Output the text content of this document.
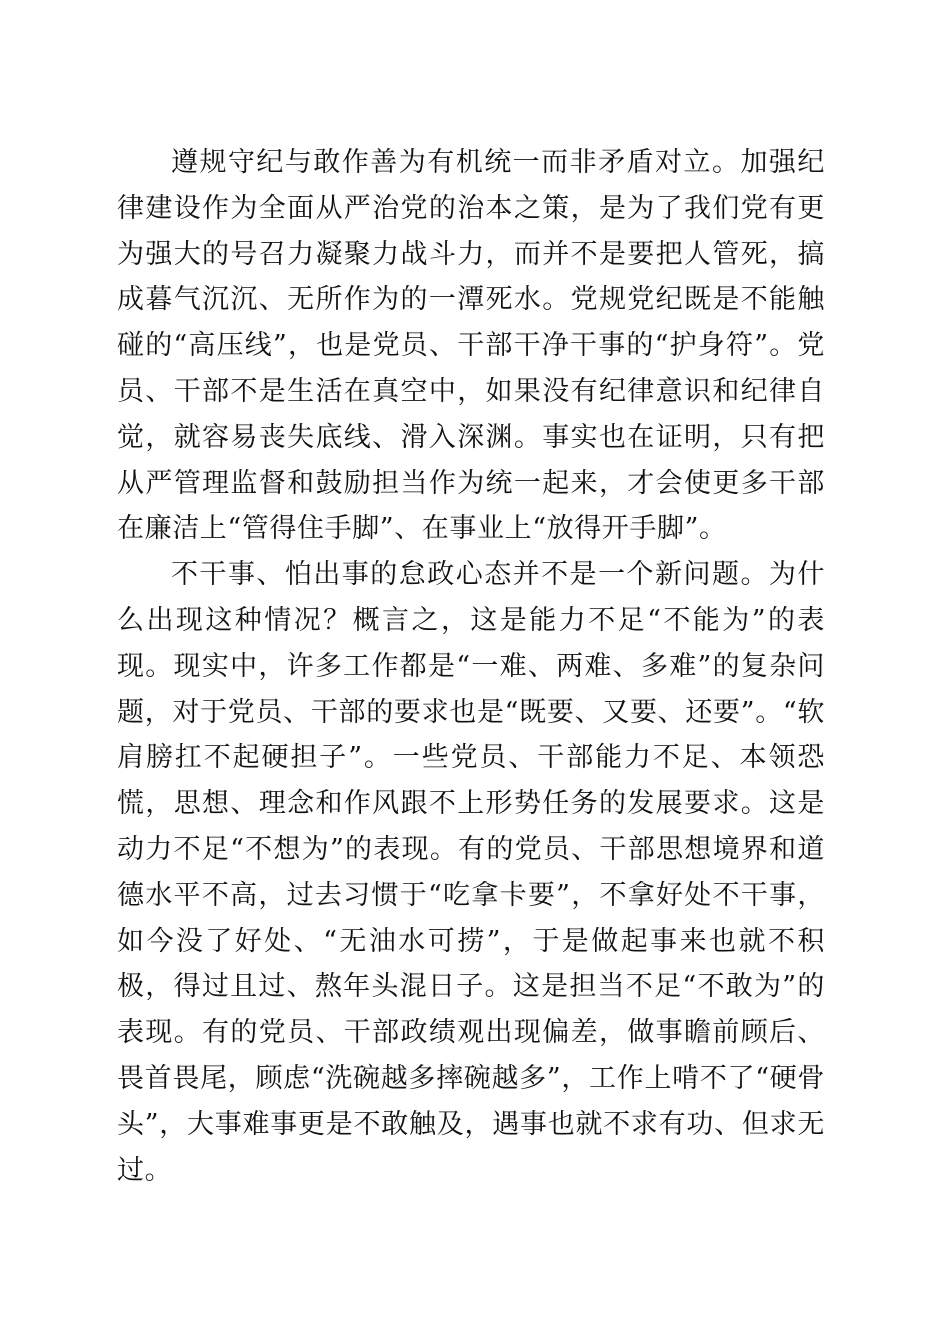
遵规守纪与敢作善为有机统一而非矛盾对立。加强纪律建设作为全面从严治党的治本之策，是为了我们党有更为强大的号召力凝聚力战斗力，而并不是要把人管死，搞成暮气沉沉、无所作为的一潭死水。党规党纪既是不能触碰的“高压线”，也是党员、干部干净干事的“护身符”。党员、干部不是生活在真空中，如果没有纪律意识和纪律自觉，就容易丧失底线、滑入深渊。事实也在证明，只有把从严管理监督和鼓励担当作为统一起来，才会使更多干部在廉洁上“管得住手脚”、在事业上“放得开手脚”。

不干事、怕出事的怠政心态并不是一个新问题。为什么出现这种情况？概言之，这是能力不足“不能为”的表现。现实中，许多工作都是“一难、两难、多难”的复杂问题，对于党员、干部的要求也是“既要、又要、还要”。“软肩膀扛不起硬担子”。一些党员、干部能力不足、本领恐慌，思想、理念和作风跟不上形势任务的发展要求。这是动力不足“不想为”的表现。有的党员、干部思想境界和道德水平不高，过去习惯于“吃拿卡要”，不拿好处不干事，如今没了好处、“无油水可捞”，于是做起事来也就不积极，得过且过、熬年头混日子。这是担当不足“不敢为”的表现。有的党员、干部政绩观出现偏差，做事瞻前顾后、畏首畏尾，顾虑“洗碗越多摔碗越多”，工作上啃不了“硬骨头”，大事难事更是不敢触及，遇事也就不求有功、但求无过。
